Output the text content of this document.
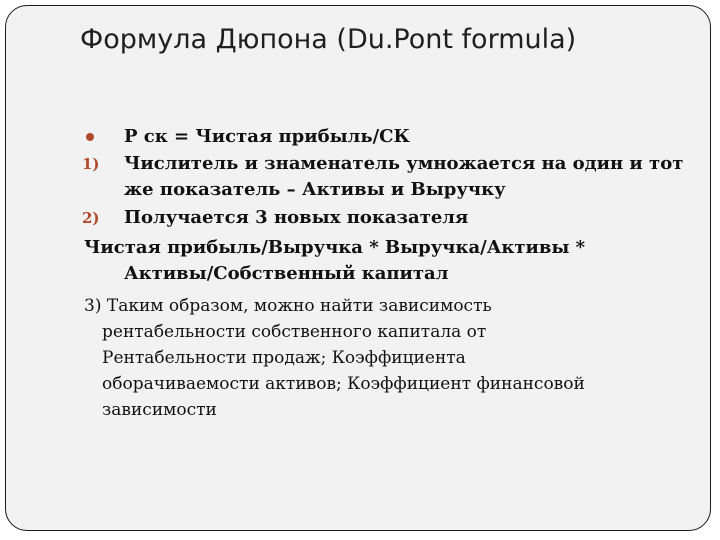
Формула Дюпона (Du.Pont formula)
Р ск = Чистая прибыль/СК
1) Числитель и знаменатель умножается на один и тот
же показатель – Активы и Выручку
2) Получается 3 новых показателя
Чистая прибыль/Выручка * Выручка/Активы *
Активы/Собственный капитал
3) Таким образом, можно найти зависимость
рентабельности собственного капитала от
Рентабельности продаж; Коэффициента
оборачиваемости активов; Коэффициент финансовой
зависимости
